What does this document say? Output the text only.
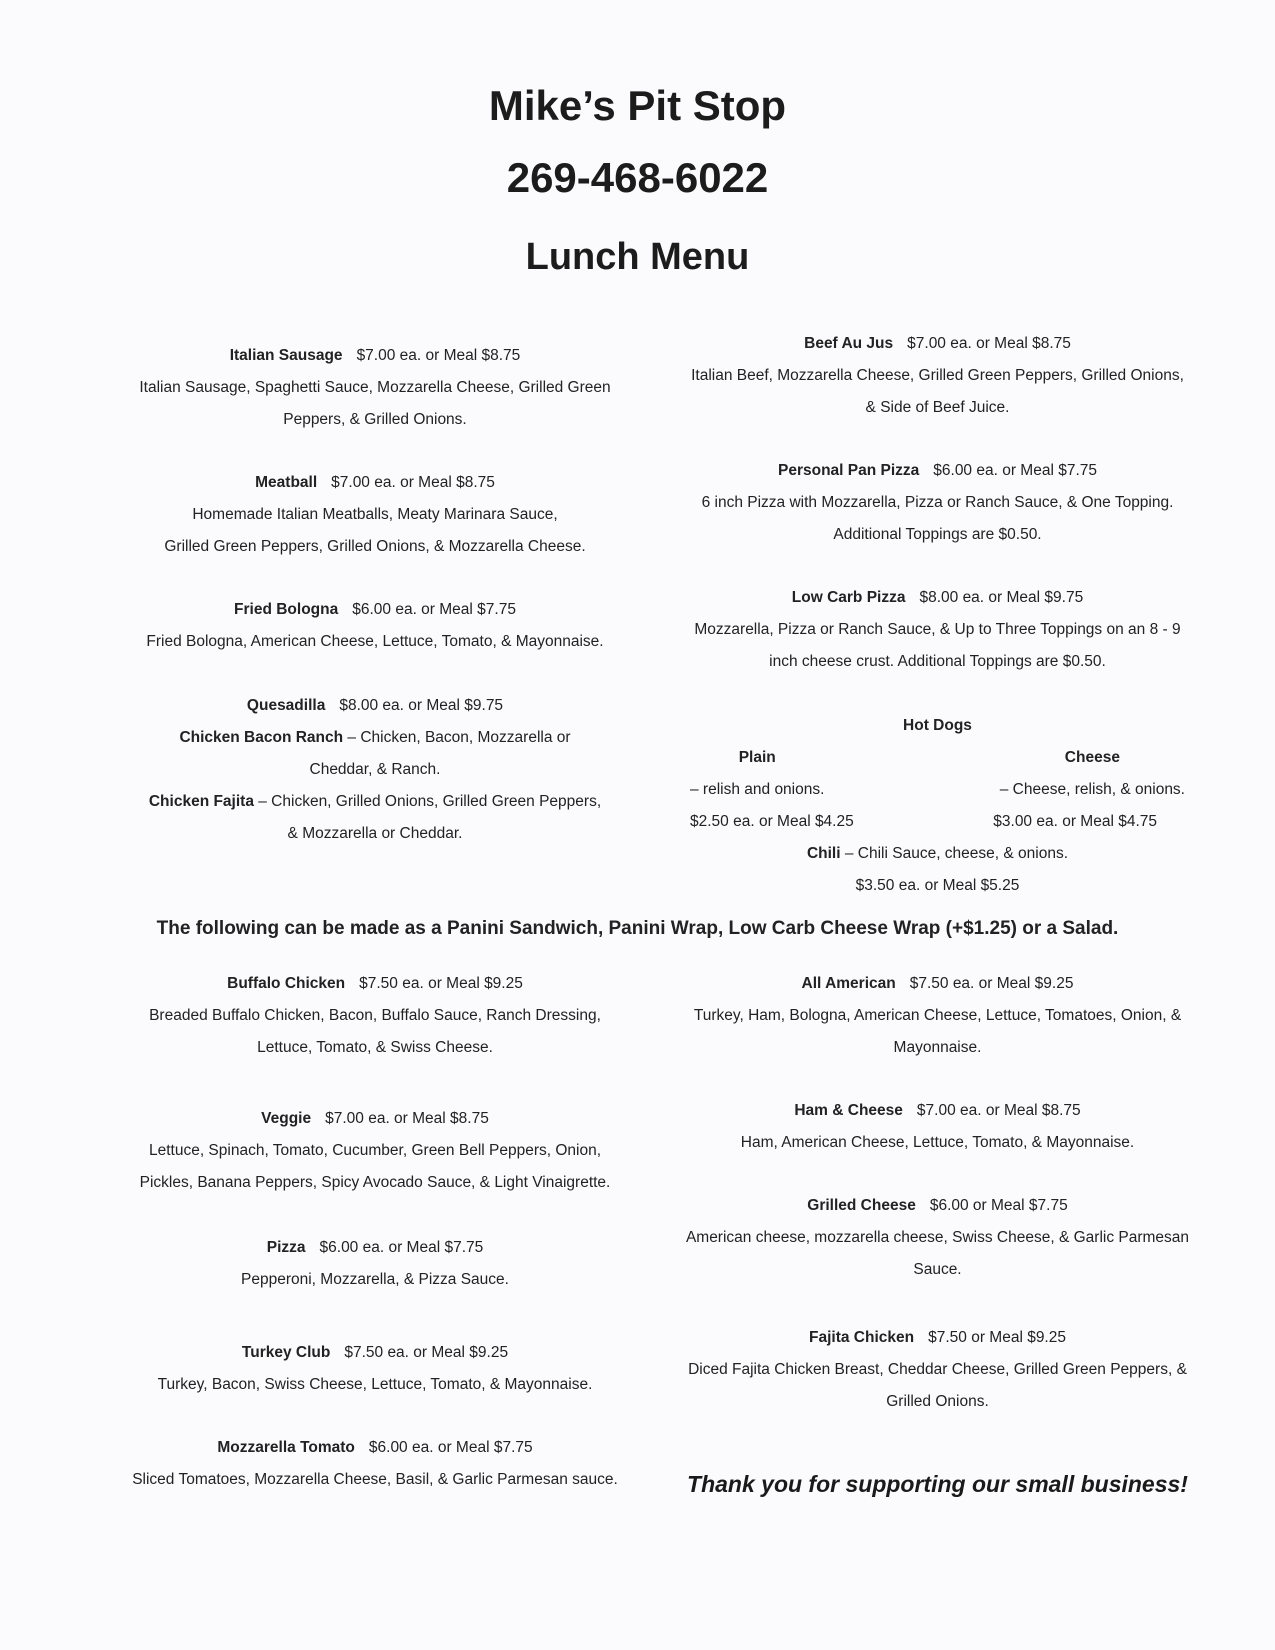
Mike’s Pit Stop
269-468-6022
Lunch Menu
Italian Sausage $7.00 ea. or Meal $8.75
Italian Sausage, Spaghetti Sauce, Mozzarella Cheese, Grilled Green
Peppers, & Grilled Onions.
Meatball $7.00 ea. or Meal $8.75
Homemade Italian Meatballs, Meaty Marinara Sauce,
Grilled Green Peppers, Grilled Onions, & Mozzarella Cheese.
Fried Bologna $6.00 ea. or Meal $7.75
Fried Bologna, American Cheese, Lettuce, Tomato, & Mayonnaise.
Quesadilla $8.00 ea. or Meal $9.75
Chicken Bacon Ranch – Chicken, Bacon, Mozzarella or
Cheddar, & Ranch.
Chicken Fajita – Chicken, Grilled Onions, Grilled Green Peppers,
& Mozzarella or Cheddar.
Beef Au Jus $7.00 ea. or Meal $8.75
Italian Beef, Mozzarella Cheese, Grilled Green Peppers, Grilled Onions,
& Side of Beef Juice.
Personal Pan Pizza $6.00 ea. or Meal $7.75
6 inch Pizza with Mozzarella, Pizza or Ranch Sauce, & One Topping.
Additional Toppings are $0.50.
Low Carb Pizza $8.00 ea. or Meal $9.75
Mozzarella, Pizza or Ranch Sauce, & Up to Three Toppings on an 8 - 9
inch cheese crust. Additional Toppings are $0.50.
Hot Dogs
Plain
– relish and onions.
Cheese
– Cheese, relish, & onions.
$2.50 ea. or Meal $4.25	$3.00 ea. or Meal $4.75
Chili – Chili Sauce, cheese, & onions.
$3.50 ea. or Meal $5.25
The following can be made as a Panini Sandwich, Panini Wrap, Low Carb Cheese Wrap (+$1.25) or a Salad.
Buffalo Chicken $7.50 ea. or Meal $9.25
Breaded Buffalo Chicken, Bacon, Buffalo Sauce, Ranch Dressing,
Lettuce, Tomato, & Swiss Cheese.
Veggie $7.00 ea. or Meal $8.75
Lettuce, Spinach, Tomato, Cucumber, Green Bell Peppers, Onion,
Pickles, Banana Peppers, Spicy Avocado Sauce, & Light Vinaigrette.
Pizza $6.00 ea. or Meal $7.75
Pepperoni, Mozzarella, & Pizza Sauce.
Turkey Club $7.50 ea. or Meal $9.25
Turkey, Bacon, Swiss Cheese, Lettuce, Tomato, & Mayonnaise.
Mozzarella Tomato $6.00 ea. or Meal $7.75
Sliced Tomatoes, Mozzarella Cheese, Basil, & Garlic Parmesan sauce.
All American $7.50 ea. or Meal $9.25
Turkey, Ham, Bologna, American Cheese, Lettuce, Tomatoes, Onion, &
Mayonnaise.
Ham & Cheese $7.00 ea. or Meal $8.75
Ham, American Cheese, Lettuce, Tomato, & Mayonnaise.
Grilled Cheese $6.00 or Meal $7.75
American cheese, mozzarella cheese, Swiss Cheese, & Garlic Parmesan
Sauce.
Fajita Chicken $7.50 or Meal $9.25
Diced Fajita Chicken Breast, Cheddar Cheese, Grilled Green Peppers, &
Grilled Onions.
Thank you for supporting our small business!
